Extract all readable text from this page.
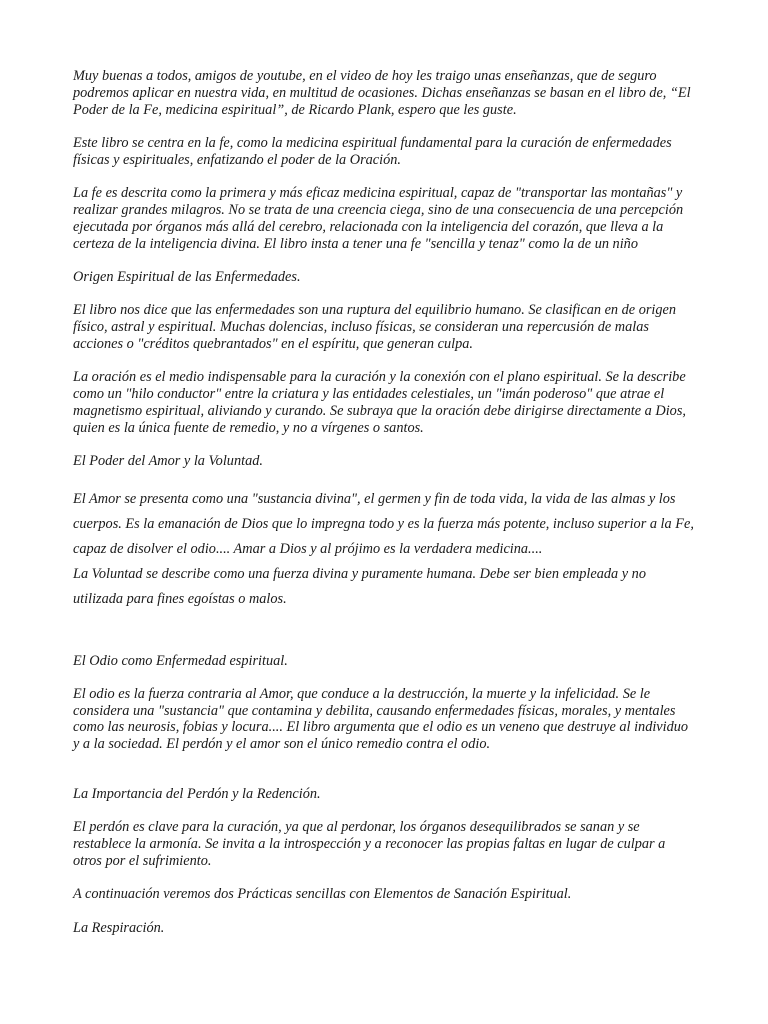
Muy buenas a todos, amigos de youtube, en el video de hoy les traigo unas enseñanzas, que de seguro podremos aplicar en nuestra vida, en multitud de ocasiones. Dichas enseñanzas se basan en el libro de, “El Poder de la Fe, medicina espiritual”, de Ricardo Plank, espero que les guste.

Este libro se centra en la fe, como la medicina espiritual fundamental para la curación de enfermedades físicas y espirituales, enfatizando el poder de la Oración.

La fe es descrita como la primera y más eficaz medicina espiritual, capaz de "transportar las montañas" y realizar grandes milagros. No se trata de una creencia ciega, sino de una consecuencia de una percepción ejecutada por órganos más allá del cerebro, relacionada con la inteligencia del corazón, que lleva a la certeza de la inteligencia divina. El libro insta a tener una fe "sencilla y tenaz" como la de un niño

Origen Espiritual de las Enfermedades.

El libro nos dice que las enfermedades son una ruptura del equilibrio humano. Se clasifican en de origen físico, astral y espiritual. Muchas dolencias, incluso físicas, se consideran una repercusión de malas acciones o "créditos quebrantados" en el espíritu, que generan culpa.

La oración es el medio indispensable para la curación y la conexión con el plano espiritual. Se la describe como un "hilo conductor" entre la criatura y las entidades celestiales, un "imán poderoso" que atrae el magnetismo espiritual, aliviando y curando. Se subraya que la oración debe dirigirse directamente a Dios, quien es la única fuente de remedio, y no a vírgenes o santos.

El Poder del Amor y la Voluntad.

El Amor se presenta como una "sustancia divina", el germen y fin de toda vida, la vida de las almas y los cuerpos. Es la emanación de Dios que lo impregna todo y es la fuerza más potente, incluso superior a la Fe, capaz de disolver el odio.... Amar a Dios y al prójimo es la verdadera medicina....

La Voluntad se describe como una fuerza divina y puramente humana. Debe ser bien empleada y no utilizada para fines egoístas o malos.

El Odio como Enfermedad espiritual.

El odio es la fuerza contraria al Amor, que conduce a la destrucción, la muerte y la infelicidad. Se le considera una "sustancia" que contamina y debilita, causando enfermedades físicas, morales, y mentales como las neurosis, fobias y locura.... El libro argumenta que el odio es un veneno que destruye al individuo y a la sociedad. El perdón y el amor son el único remedio contra el odio.

La Importancia del Perdón y la Redención.

El perdón es clave para la curación, ya que al perdonar, los órganos desequilibrados se sanan y se restablece la armonía. Se invita a la introspección y a reconocer las propias faltas en lugar de culpar a otros por el sufrimiento.

A continuación veremos dos Prácticas sencillas con Elementos de Sanación Espiritual.

La Respiración.
